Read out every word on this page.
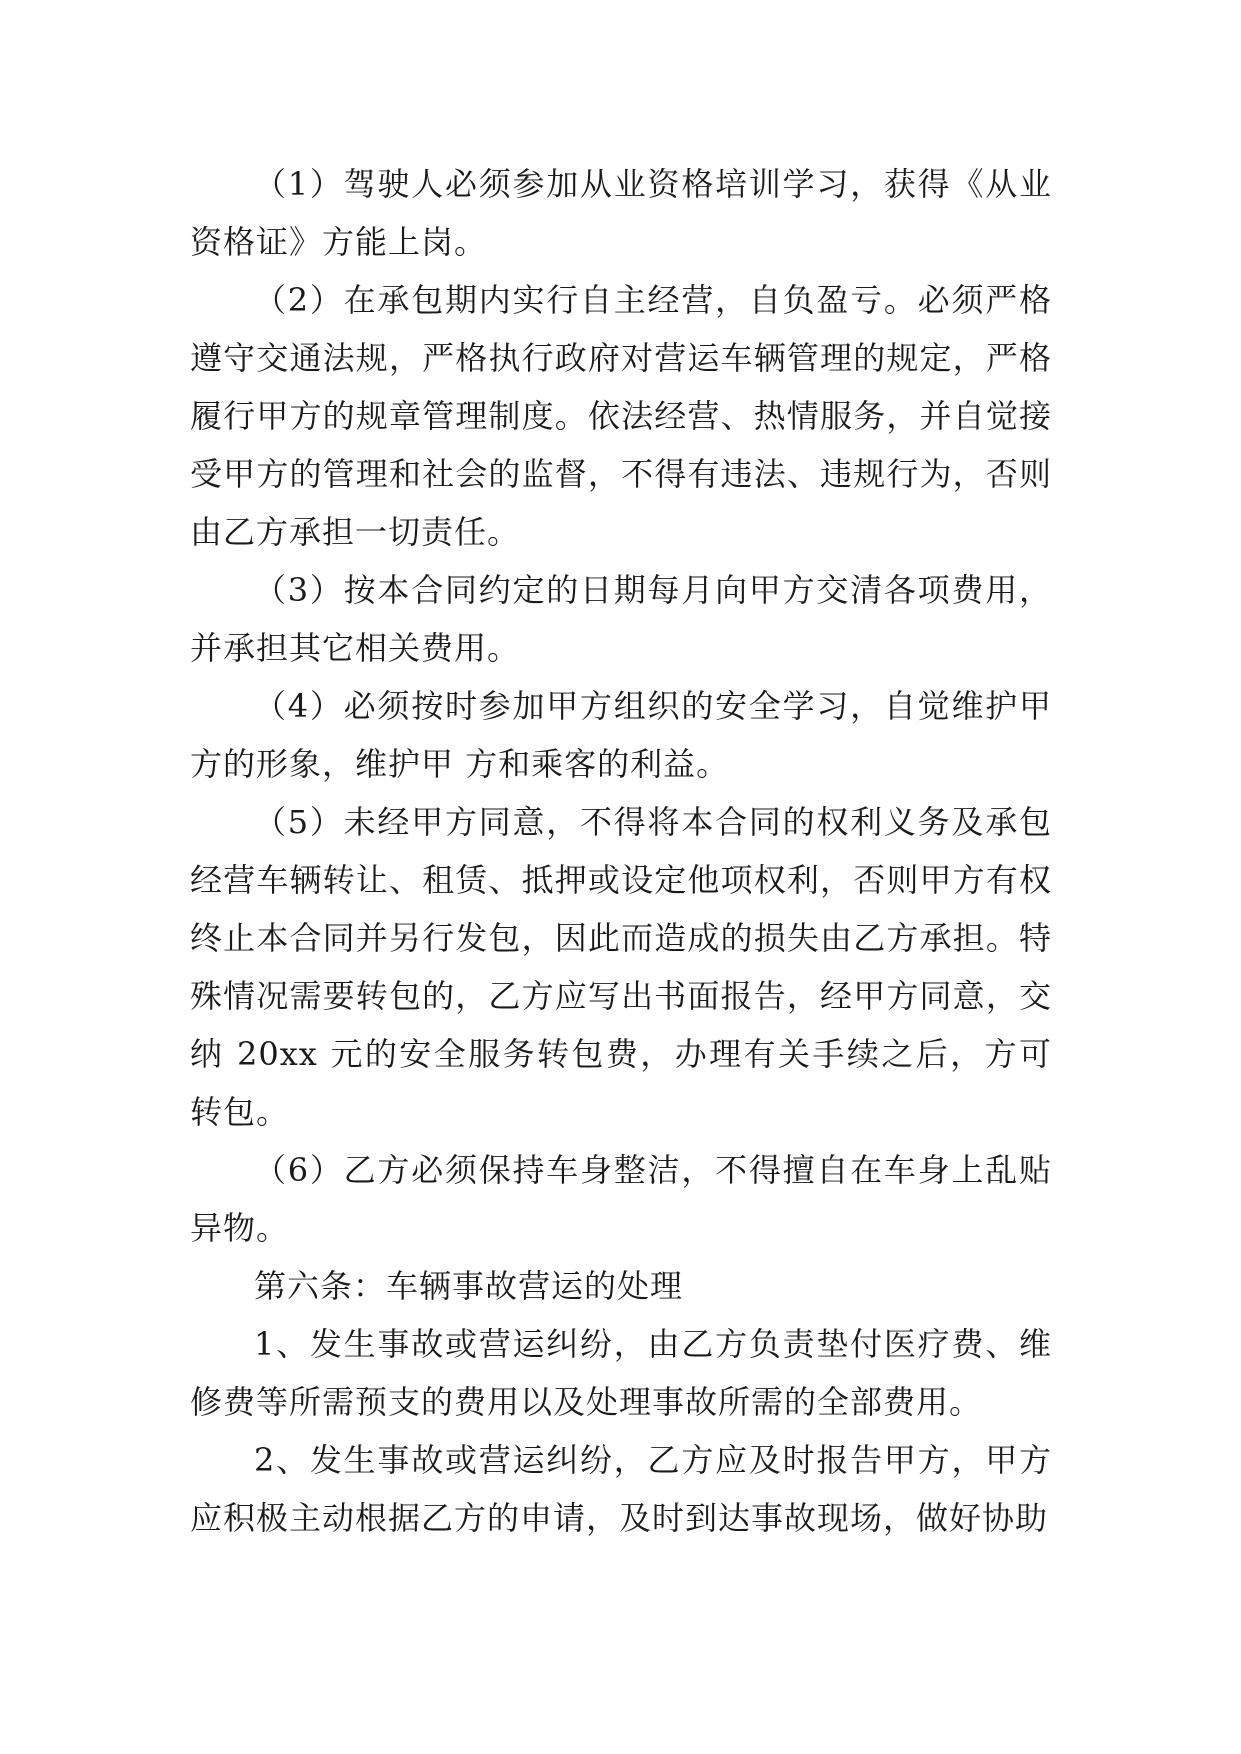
（1）驾驶人必须参加从业资格培训学习，获得《从业资格证》方能上岗。

（2）在承包期内实行自主经营，自负盈亏。必须严格遵守交通法规，严格执行政府对营运车辆管理的规定，严格履行甲方的规章管理制度。依法经营、热情服务，并自觉接受甲方的管理和社会的监督，不得有违法、违规行为，否则由乙方承担一切责任。

（3）按本合同约定的日期每月向甲方交清各项费用，并承担其它相关费用。

（4）必须按时参加甲方组织的安全学习，自觉维护甲方的形象，维护甲 方和乘客的利益。

（5）未经甲方同意，不得将本合同的权利义务及承包经营车辆转让、租赁、抵押或设定他项权利，否则甲方有权终止本合同并另行发包，因此而造成的损失由乙方承担。特殊情况需要转包的，乙方应写出书面报告，经甲方同意，交纳 20xx 元的安全服务转包费，办理有关手续之后，方可转包。

（6）乙方必须保持车身整洁，不得擅自在车身上乱贴异物。

第六条：车辆事故营运的处理

1、发生事故或营运纠纷，由乙方负责垫付医疗费、维修费等所需预支的费用以及处理事故所需的全部费用。

2、发生事故或营运纠纷，乙方应及时报告甲方，甲方应积极主动根据乙方的申请，及时到达事故现场，做好协助
